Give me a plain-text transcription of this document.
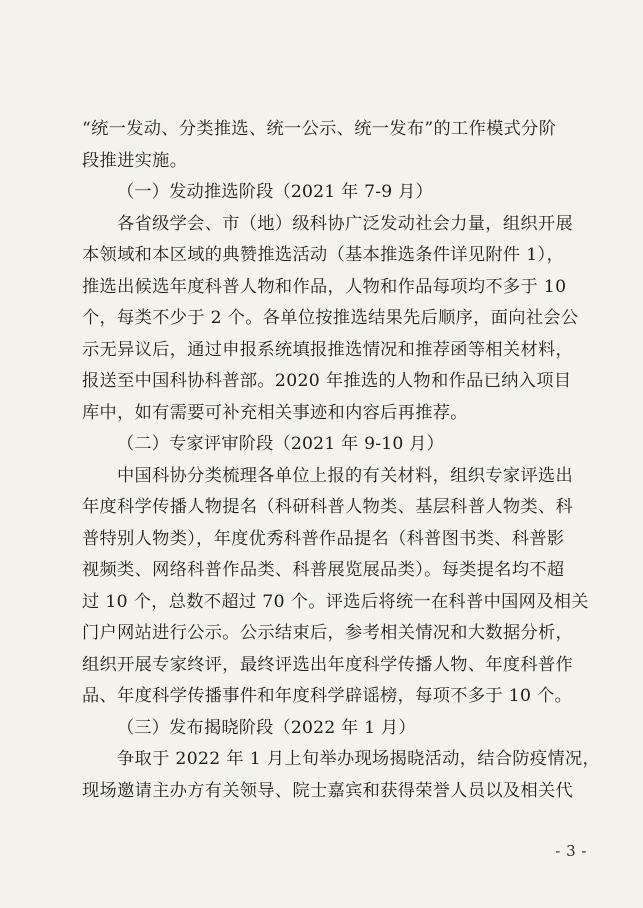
“统一发动、分类推选、统一公示、统一发布”的工作模式分阶
段推进实施。
（一）发动推选阶段（2021 年 7-9 月）
各省级学会、市（地）级科协广泛发动社会力量，组织开展
本领域和本区域的典赞推选活动（基本推选条件详见附件 1），
推选出候选年度科普人物和作品，人物和作品每项均不多于 10
个，每类不少于 2 个。各单位按推选结果先后顺序，面向社会公
示无异议后，通过申报系统填报推选情况和推荐函等相关材料，
报送至中国科协科普部。2020 年推选的人物和作品已纳入项目
库中，如有需要可补充相关事迹和内容后再推荐。
（二）专家评审阶段（2021 年 9-10 月）
中国科协分类梳理各单位上报的有关材料，组织专家评选出
年度科学传播人物提名（科研科普人物类、基层科普人物类、科
普特别人物类），年度优秀科普作品提名（科普图书类、科普影
视频类、网络科普作品类、科普展览展品类）。每类提名均不超
过 10 个，总数不超过 70 个。评选后将统一在科普中国网及相关
门户网站进行公示。公示结束后，参考相关情况和大数据分析，
组织开展专家终评，最终评选出年度科学传播人物、年度科普作
品、年度科学传播事件和年度科学辟谣榜，每项不多于 10 个。
（三）发布揭晓阶段（2022 年 1 月）
争取于 2022 年 1 月上旬举办现场揭晓活动，结合防疫情况，
现场邀请主办方有关领导、院士嘉宾和获得荣誉人员以及相关代
- 3 -
